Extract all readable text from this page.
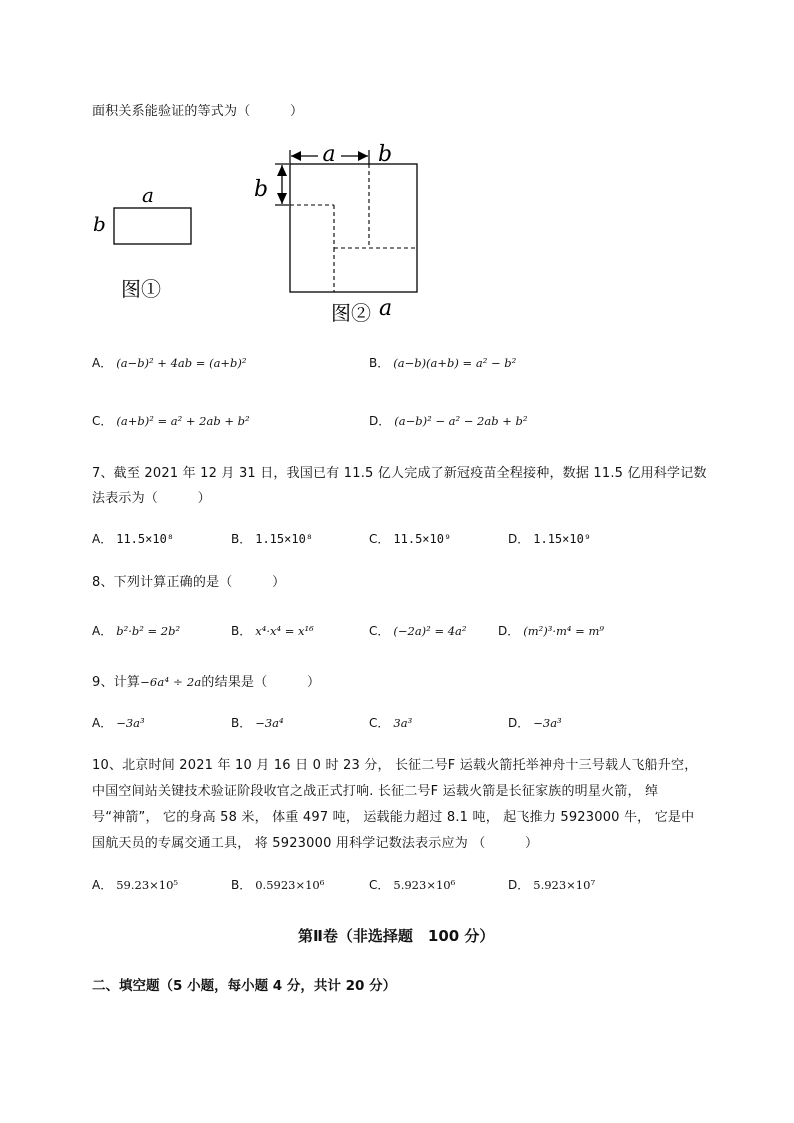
面积关系能验证的等式为（　　　）
a
b
图①
a b
b
图② a
A． (a−b)² + 4ab = (a+b)²	B． (a−b)(a+b) = a² − b²
C． (a+b)² = a² + 2ab + b²	D． (a−b)² − a² − 2ab + b²
7、截至 2021 年 12 月 31 日，我国已有 11.5 亿人完成了新冠疫苗全程接种，数据 11.5 亿用科学记数
法表示为（　　　）
A． 11.5×10⁸	B． 1.15×10⁸	C． 11.5×10⁹	D． 1.15×10⁹
8、下列计算正确的是（　　　）
A． b²·b² = 2b²	B． x⁴·x⁴ = x¹⁶	C． (−2a)² = 4a²	D． (m²)³·m⁴ = m⁹
9、计算−6a⁴ ÷ 2a的结果是（　　　）
A． −3a³	B． −3a⁴	C． 3a³	D． −3a³
10、北京时间 2021 年 10 月 16 日 0 时 23 分， 长征二号F 运载火箭托举神舟十三号载人飞船升空，
中国空间站关键技术验证阶段收官之战正式打响. 长征二号F 运载火箭是长征家族的明星火箭， 绰
号“神箭”， 它的身高 58 米， 体重 497 吨， 运载能力超过 8.1 吨， 起飞推力 5923000 牛， 它是中
国航天员的专属交通工具， 将 5923000 用科学记数法表示应为 （　　　）
A． 59.23×10⁵	B． 0.5923×10⁶	C． 5.923×10⁶	D． 5.923×10⁷
第Ⅱ卷（非选择题　100 分）
二、填空题（5 小题，每小题 4 分，共计 20 分）
